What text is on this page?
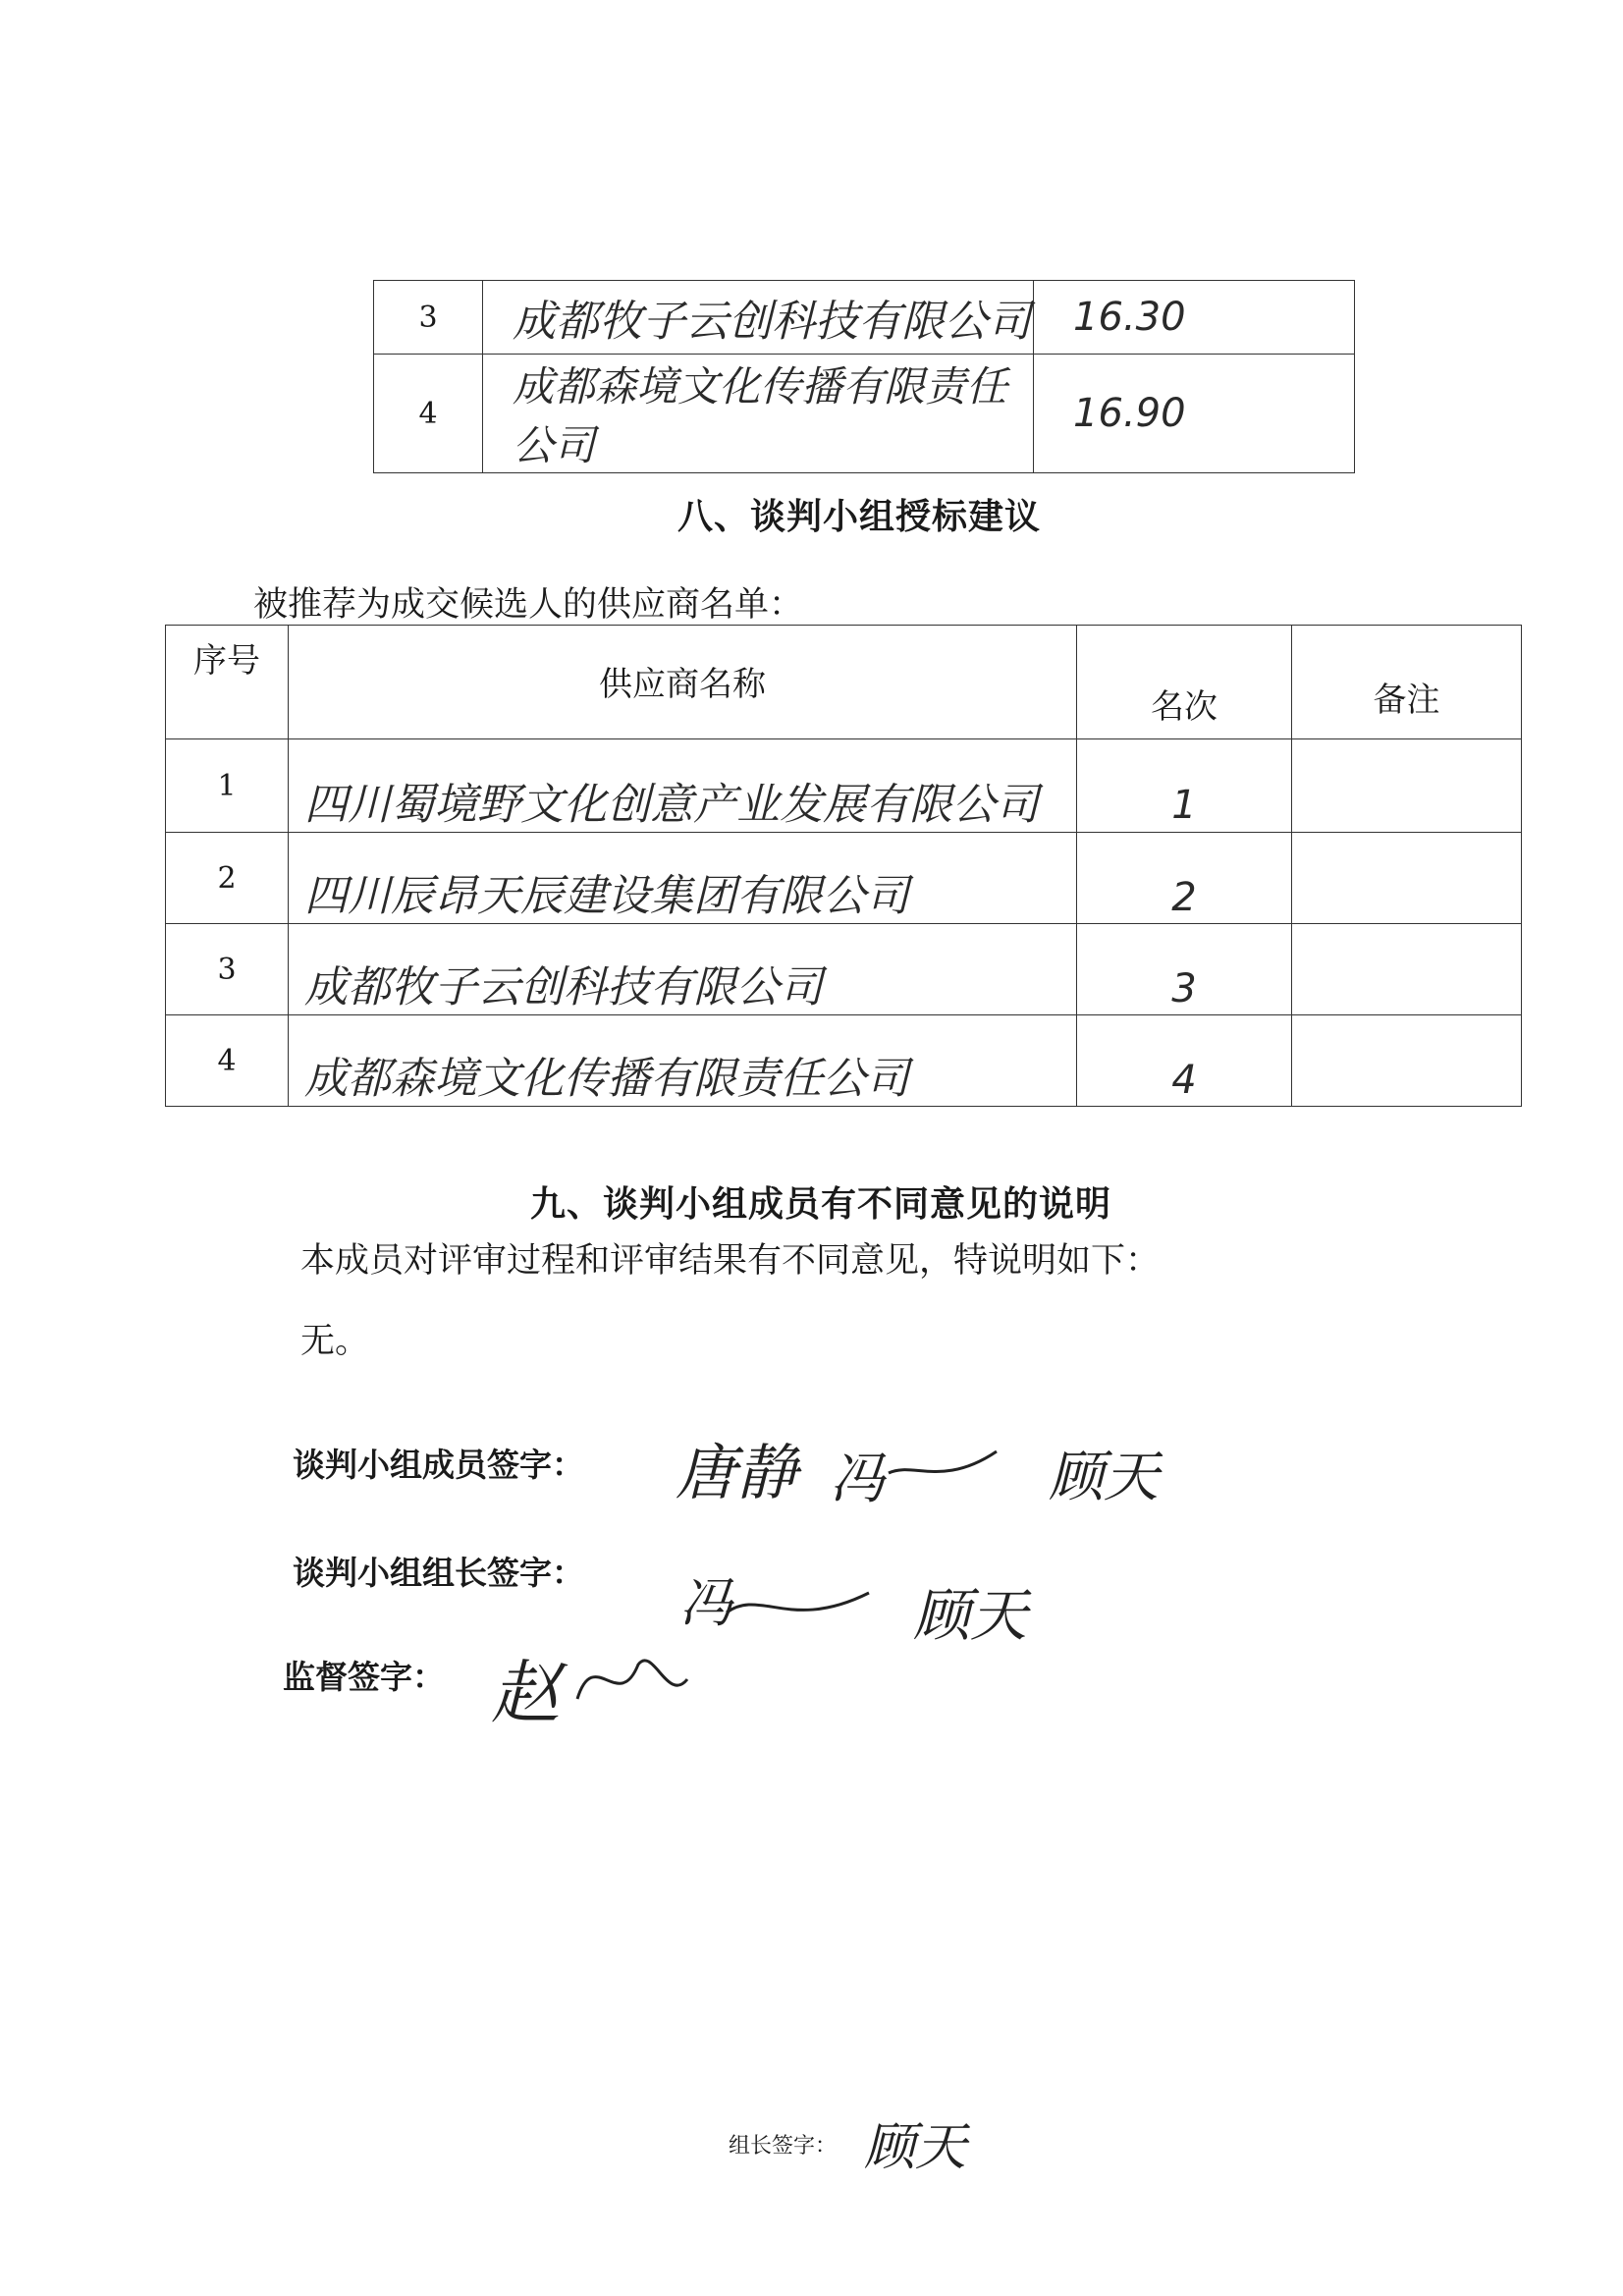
3	成都牧子云创科技有限公司	16.30
4	成都森境文化传播有限责任公司	16.90
八、谈判小组授标建议
被推荐为成交候选人的供应商名单：
序号	供应商名称	名次	备注
1	四川蜀境野文化创意产业发展有限公司	1	
2	四川辰昂天辰建设集团有限公司	2	
3	成都牧子云创科技有限公司	3	
4	成都森境文化传播有限责任公司	4	
九、谈判小组成员有不同意见的说明
本成员对评审过程和评审结果有不同意见，特说明如下：
无。
谈判小组成员签字： 唐静 冯	顾天
谈判小组组长签字： 冯	顾天
监督签字： 赵
组长签字： 顾天
